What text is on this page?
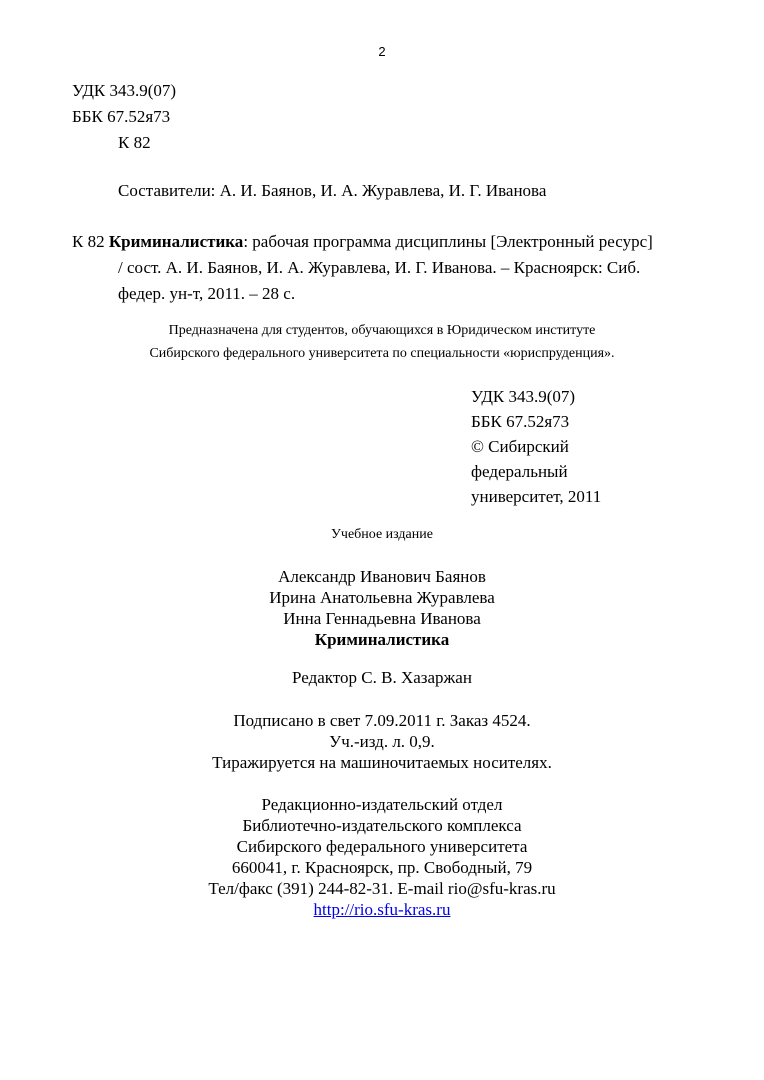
2
УДК 343.9(07)
ББК 67.52я73
К 82
Составители: А. И. Баянов, И. А. Журавлева, И. Г. Иванова
К 82 Криминалистика: рабочая программа дисциплины [Электронный ресурс]
/ сост. А. И. Баянов, И. А. Журавлева, И. Г. Иванова. – Красноярск: Сиб.
федер. ун-т, 2011. – 28 с.
Предназначена для студентов, обучающихся в Юридическом институте
Сибирского федерального университета по специальности «юриспруденция».
УДК 343.9(07)
ББК 67.52я73
© Сибирский
федеральный
университет, 2011
Учебное издание
Александр Иванович Баянов
Ирина Анатольевна Журавлева
Инна Геннадьевна Иванова
Криминалистика
Редактор С. В. Хазаржан
Подписано в свет 7.09.2011 г. Заказ 4524.
Уч.-изд. л. 0,9.
Тиражируется на машиночитаемых носителях.
Редакционно-издательский отдел
Библиотечно-издательского комплекса
Сибирского федерального университета
660041, г. Красноярск, пр. Свободный, 79
Тел/факс (391) 244-82-31. E-mail rio@sfu-kras.ru
http://rio.sfu-kras.ru
